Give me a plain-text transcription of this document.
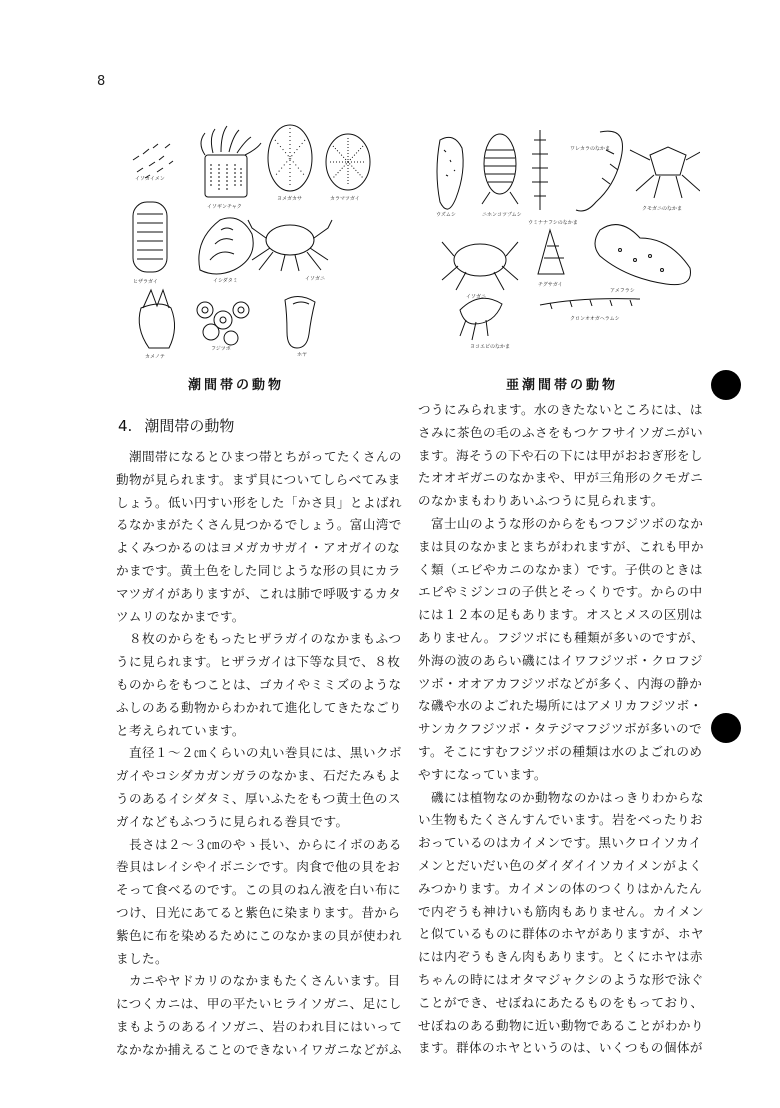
8
イソカイメン
イソギンチャク
ヨメガカサ	カラマツガイ
ヒザラガイ	イシダタミ	イソガニ
カメノテ
フジツボ
ホヤ
潮間帯の動物
ウズムシ	ニホンコツブムシ
ウミナナフシのなかま
ワレカラのなかま
クモガニのなかま
イソガニ
チグサガイ
アメフラシ
ヨコエビのなかま
クロンオオガヘラムシ
亜潮間帯の動物
4. 潮間帯の動物
　潮間帯になるとひまつ帯とちがってたくさんの
動物が見られます。まず貝についてしらべてみま
しょう。低い円すい形をした「かさ貝」とよばれ
るなかまがたくさん見つかるでしょう。富山湾で
よくみつかるのはヨメガカサガイ・アオガイのな
かまです。黄土色をした同じような形の貝にカラ
マツガイがありますが、これは肺で呼吸するカタ
ツムリのなかまです。
　８枚のからをもったヒザラガイのなかまもふつ
うに見られます。ヒザラガイは下等な貝で、８枚
ものからをもつことは、ゴカイやミミズのような
ふしのある動物からわかれて進化してきたなごり
と考えられています。
　直径１～２㎝くらいの丸い巻貝には、黒いクボ
ガイやコシダカガンガラのなかま、石だたみもよ
うのあるイシダタミ、厚いふたをもつ黄土色のス
ガイなどもふつうに見られる巻貝です。
　長さは２～３㎝のやゝ長い、からにイボのある
巻貝はレイシやイボニシです。肉食で他の貝をお
そって食べるのです。この貝のねん液を白い布に
つけ、日光にあてると紫色に染まります。昔から
紫色に布を染めるためにこのなかまの貝が使われ
ました。
　カニやヤドカリのなかまもたくさんいます。目
につくカニは、甲の平たいヒライソガニ、足にし
まもようのあるイソガニ、岩のわれ目にはいって
なかなか捕えることのできないイワガニなどがふ
つうにみられます。水のきたないところには、は
さみに茶色の毛のふさをもつケフサイソガニがい
ます。海そうの下や石の下には甲がおおぎ形をし
たオオギガニのなかまや、甲が三角形のクモガニ
のなかまもわりあいふつうに見られます。
　富士山のような形のからをもつフジツボのなか
まは貝のなかまとまちがわれますが、これも甲か
く類（エビやカニのなかま）です。子供のときは
エビやミジンコの子供とそっくりです。からの中
には１２本の足もあります。オスとメスの区別は
ありません。フジツボにも種類が多いのですが、
外海の波のあらい磯にはイワフジツボ・クロフジ
ツボ・オオアカフジツボなどが多く、内海の静か
な磯や水のよごれた場所にはアメリカフジツボ・
サンカクフジツボ・タテジマフジツボが多いので
す。そこにすむフジツボの種類は水のよごれのめ
やすになっています。
　磯には植物なのか動物なのかはっきりわからな
い生物もたくさんすんでいます。岩をべったりお
おっているのはカイメンです。黒いクロイソカイ
メンとだいだい色のダイダイイソカイメンがよく
みつかります。カイメンの体のつくりはかんたん
で内ぞうも神けいも筋肉もありません。カイメン
と似ているものに群体のホヤがありますが、ホヤ
には内ぞうもきん肉もあります。とくにホヤは赤
ちゃんの時にはオタマジャクシのような形で泳ぐ
ことができ、せぼねにあたるものをもっており、
せぼねのある動物に近い動物であることがわかり
ます。群体のホヤというのは、いくつもの個体が
